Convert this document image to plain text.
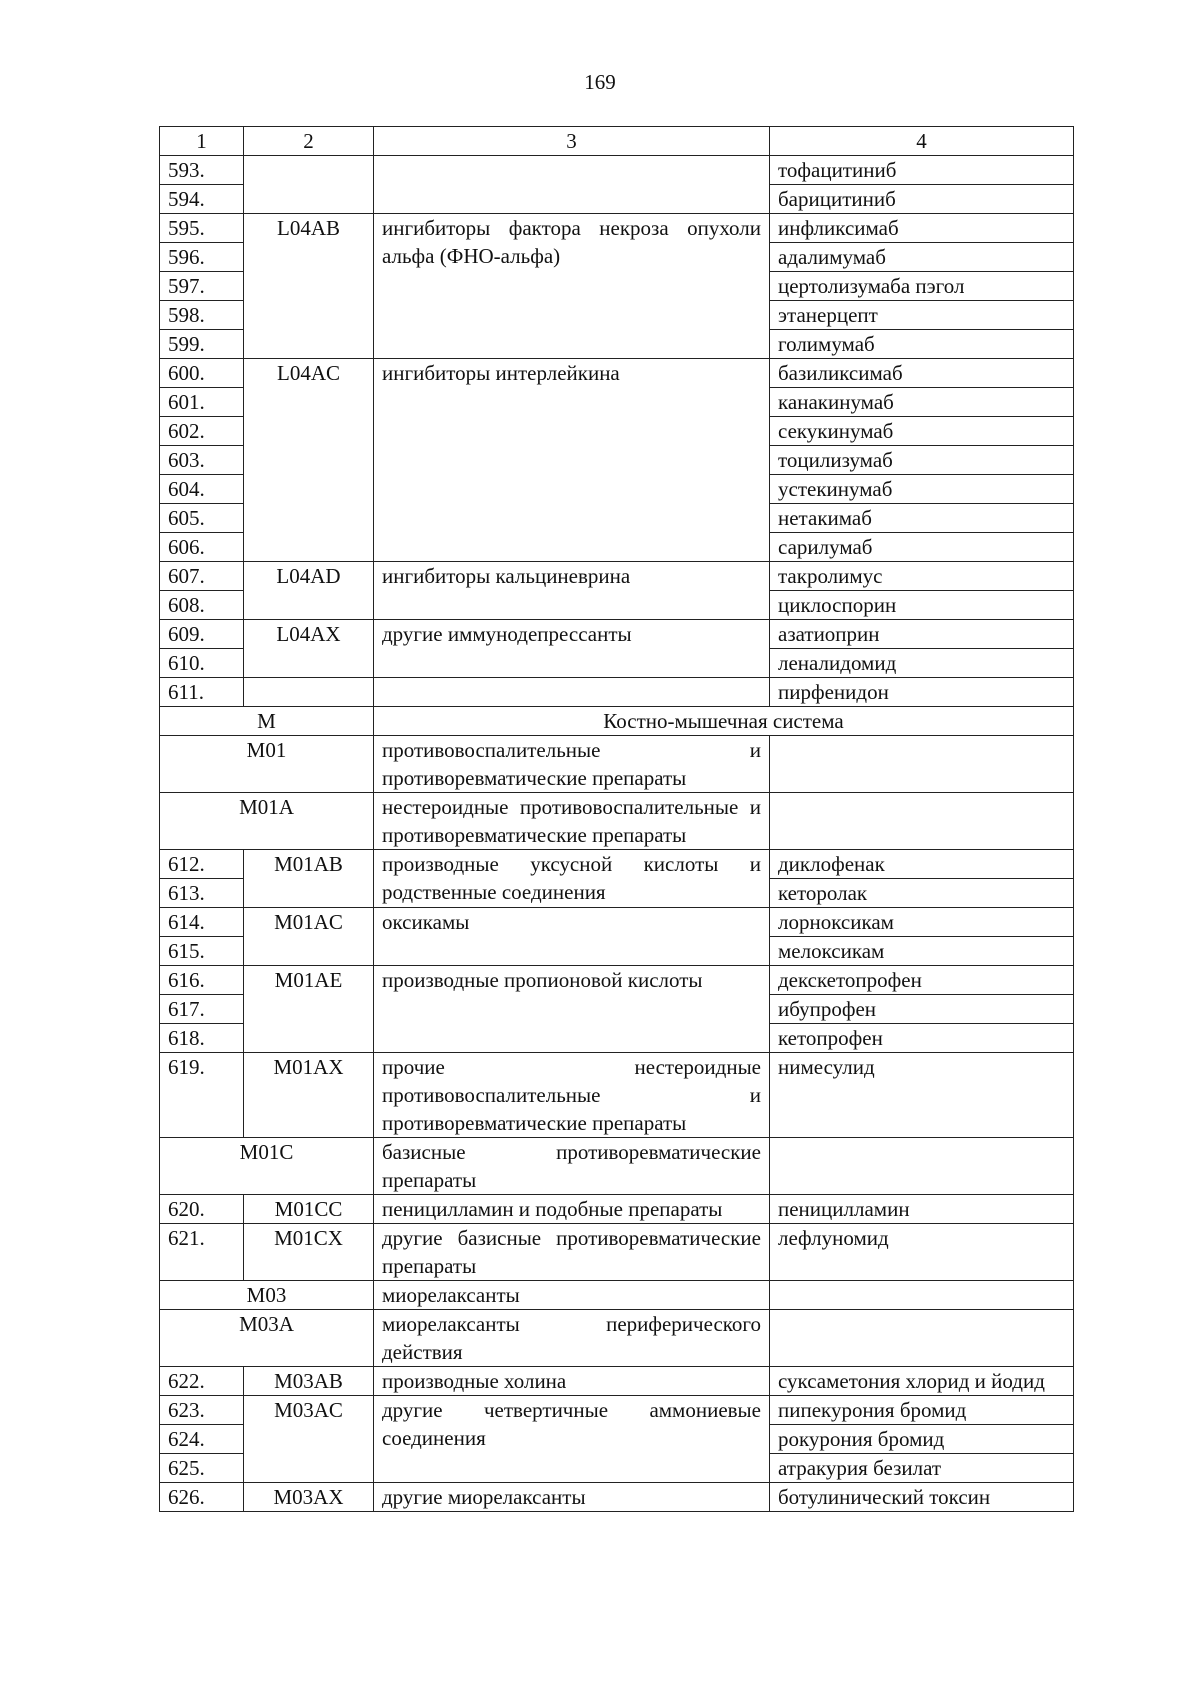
169
1	2	3	4
593.			тофацитиниб
594.			барицитиниб
595.	L04AB	ингибиторы фактора некроза опухоли альфа (ФНО-альфа)	инфликсимаб
596.			адалимумаб
597.			цертолизумаба пэгол
598.			этанерцепт
599.			голимумаб
600.	L04AC	ингибиторы интерлейкина	базиликсимаб
601.			канакинумаб
602.			секукинумаб
603.			тоцилизумаб
604.			устекинумаб
605.			нетакимаб
606.			сарилумаб
607.	L04AD	ингибиторы кальциневрина	такролимус
608.			циклоспорин
609.	L04AX	другие иммунодепрессанты	азатиоприн
610.			леналидомид
611.			пирфенидон
M		Костно-мышечная система	
M01		противовоспалительные и противоревматические препараты	
M01A		нестероидные противовоспалительные и противоревматические препараты	
612.	M01AB	производные уксусной кислоты и родственные соединения	диклофенак
613.			кеторолак
614.	M01AC	оксикамы	лорноксикам
615.			мелоксикам
616.	M01AE	производные пропионовой кислоты	декскетопрофен
617.			ибупрофен
618.			кетопрофен
619.	M01AX	прочие нестероидные противовоспалительные и противоревматические препараты	нимесулид
M01C		базисные противоревматические препараты	
620.	M01CC	пеницилламин и подобные препараты	пеницилламин
621.	M01CX	другие базисные противоревматические препараты	лефлуномид
M03		миорелаксанты	
M03A		миорелаксанты периферического действия	
622.	M03AB	производные холина	суксаметония хлорид и йодид
623.	M03AC	другие четвертичные аммониевые соединения	пипекурония бромид
624.			рокурония бромид
625.			атракурия безилат
626.	M03AX	другие миорелаксанты	ботулинический токсин
